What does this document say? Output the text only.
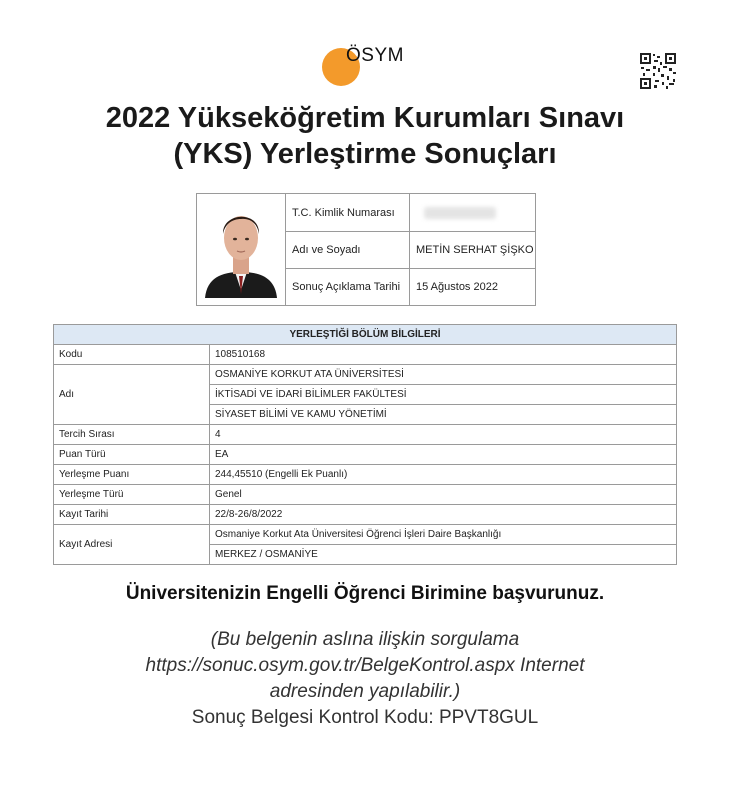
ÖSYM
2022 Yükseköğretim Kurumları Sınavı
(YKS) Yerleştirme Sonuçları
T.C. Kimlik Numarası
Adı ve Soyadı	METİN SERHAT ŞİŞKO
Sonuç Açıklama Tarihi	15 Ağustos 2022
YERLEŞTİĞİ BÖLÜM BİLGİLERİ	
Kodu	108510168
Adı	OSMANİYE KORKUT ATA ÜNİVERSİTESİ
	İKTİSADİ VE İDARİ BİLİMLER FAKÜLTESİ
	SİYASET BİLİMİ VE KAMU YÖNETİMİ
Tercih Sırası	4
Puan Türü	EA
Yerleşme Puanı	244,45510 (Engelli Ek Puanlı)
Yerleşme Türü	Genel
Kayıt Tarihi	22/8-26/8/2022
Kayıt Adresi	Osmaniye Korkut Ata Üniversitesi Öğrenci İşleri Daire Başkanlığı
	MERKEZ / OSMANİYE
Üniversitenizin Engelli Öğrenci Birimine başvurunuz.
(Bu belgenin aslına ilişkin sorgulama
https://sonuc.osym.gov.tr/BelgeKontrol.aspx Internet
adresinden yapılabilir.)
Sonuç Belgesi Kontrol Kodu: PPVT8GUL
